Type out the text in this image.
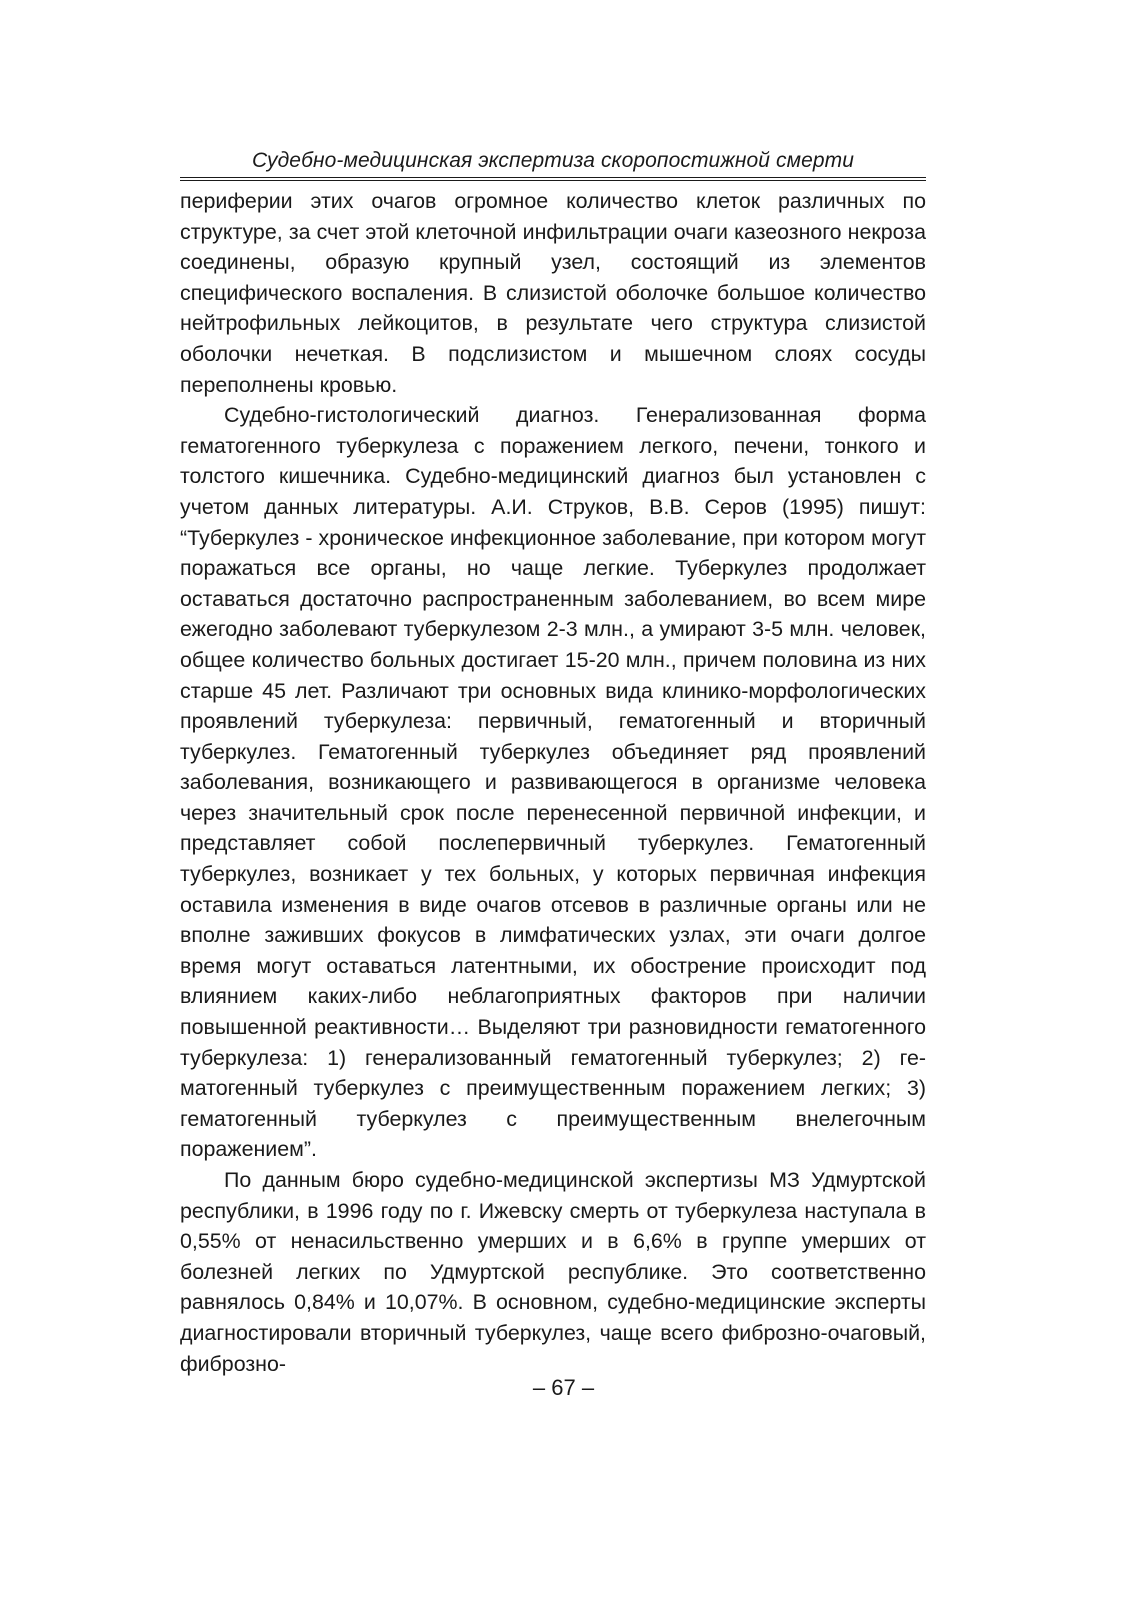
Судебно-медицинская экспертиза скоропостижной смерти

периферии этих очагов огромное количество клеток различных по структуре, за счет этой клеточной инфильтрации очаги казеозного некроза соединены, образую крупный узел, состоящий из элементов специфического воспаления. В слизистой оболочке большое количество нейтрофильных лейкоцитов, в результате чего структура слизистой оболочки нечеткая. В подслизистом и мышечном слоях сосуды переполнены кровью.

Судебно-гистологический диагноз. Генерализованная форма гематогенного туберкулеза с поражением легкого, печени, тонкого и толстого кишечника. Судебно-медицинский диагноз был установлен с учетом данных литературы. А.И. Струков, В.В. Серов (1995) пишут: “Туберкулез - хроническое инфекционное заболевание, при котором могут поражаться все органы, но чаще легкие. Туберкулез продолжает оставаться достаточно распространенным заболеванием, во всем мире ежегодно заболевают туберкулезом 2-3 млн., а умирают 3-5 млн. человек, общее количество больных достигает 15-20 млн., причем половина из них старше 45 лет. Различают три основных вида клинико-морфологических проявлений туберкулеза: первичный, гематогенный и вторичный туберкулез. Гематогенный туберкулез объединяет ряд проявлений заболевания, возникающего и развивающегося в организме человека через значительный срок после перенесенной первичной инфекции, и представляет собой послепервичный туберкулез. Гематогенный туберкулез, возникает у тех больных, у которых первичная инфекция оставила изменения в виде очагов отсевов в различные органы или не вполне заживших фокусов в лимфатических узлах, эти очаги долгое время могут оставаться латентными, их обострение происходит под влиянием каких-либо неблагоприятных факторов при наличии повышенной реактивности… Выделяют три разновидности гематогенного туберкулеза: 1) генерализованный гематогенный туберкулез; 2) гематогенный туберкулез с преимущественным поражением легких; 3) гематогенный туберкулез с преимущественным внелегочным поражением”.

По данным бюро судебно-медицинской экспертизы МЗ Удмуртской республики, в 1996 году по г. Ижевску смерть от туберкулеза наступала в 0,55% от ненасильственно умерших и в 6,6% в группе умерших от болезней легких по Удмуртской республике. Это соответственно равнялось 0,84% и 10,07%. В основном, судебно-медицинские эксперты диагностировали вторичный туберкулез, чаще всего фиброзно-очаговый, фиброзно-

– 67 –
